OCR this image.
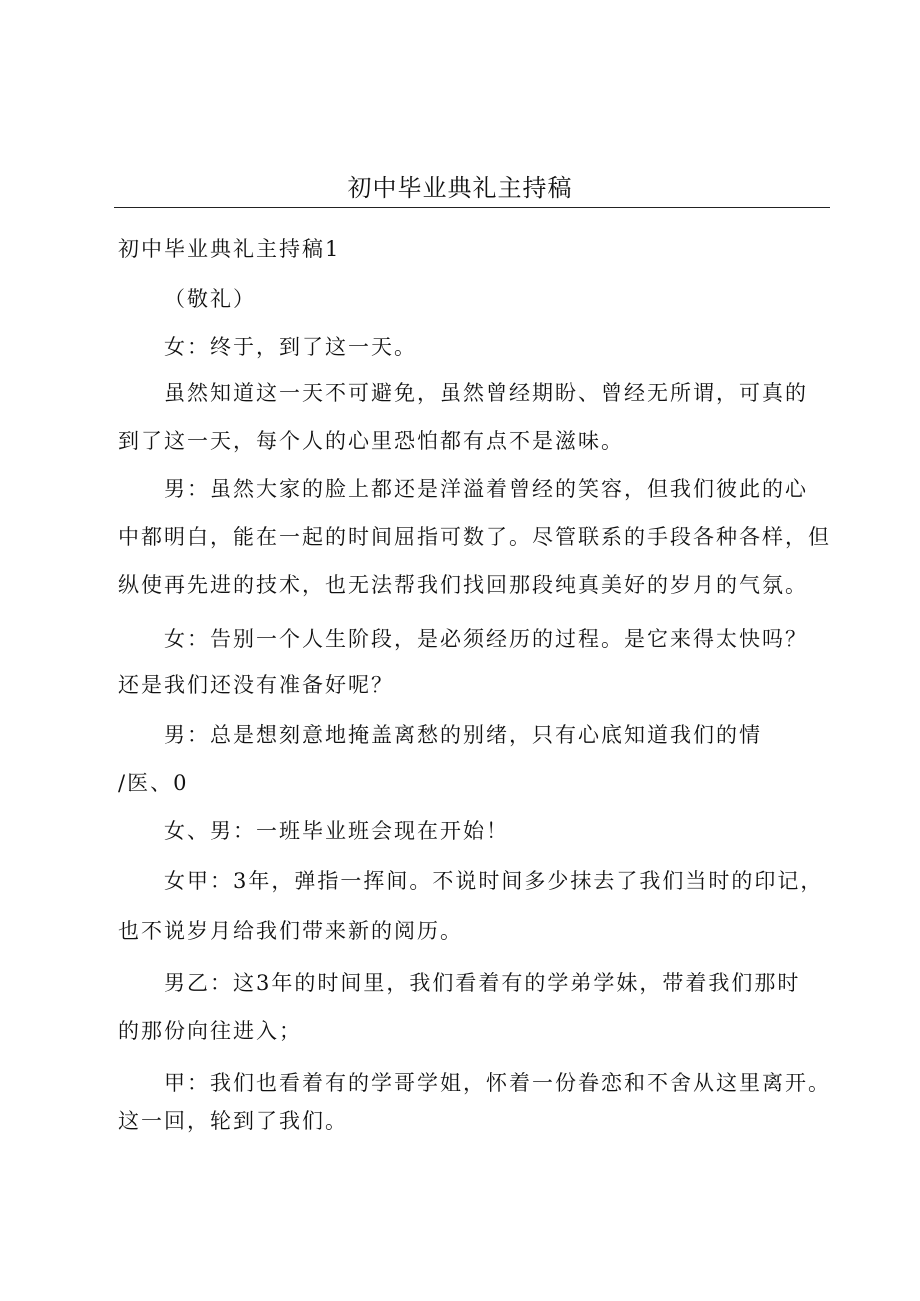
初中毕业典礼主持稿
初中毕业典礼主持稿1
（敬礼）
女：终于，到了这一天。
虽然知道这一天不可避免，虽然曾经期盼、曾经无所谓，可真的
到了这一天，每个人的心里恐怕都有点不是滋味。
男：虽然大家的脸上都还是洋溢着曾经的笑容，但我们彼此的心
中都明白，能在一起的时间屈指可数了。尽管联系的手段各种各样，但
纵使再先进的技术，也无法帮我们找回那段纯真美好的岁月的气氛。
女：告别一个人生阶段，是必须经历的过程。是它来得太快吗？
还是我们还没有准备好呢？
男：总是想刻意地掩盖离愁的别绪，只有心底知道我们的情
/医、0
女、男：一班毕业班会现在开始！
女甲：3年，弹指一挥间。不说时间多少抹去了我们当时的印记，
也不说岁月给我们带来新的阅历。
男乙：这3年的时间里，我们看着有的学弟学妹，带着我们那时
的那份向往进入；
甲：我们也看着有的学哥学姐，怀着一份眷恋和不舍从这里离开。
这一回，轮到了我们。
